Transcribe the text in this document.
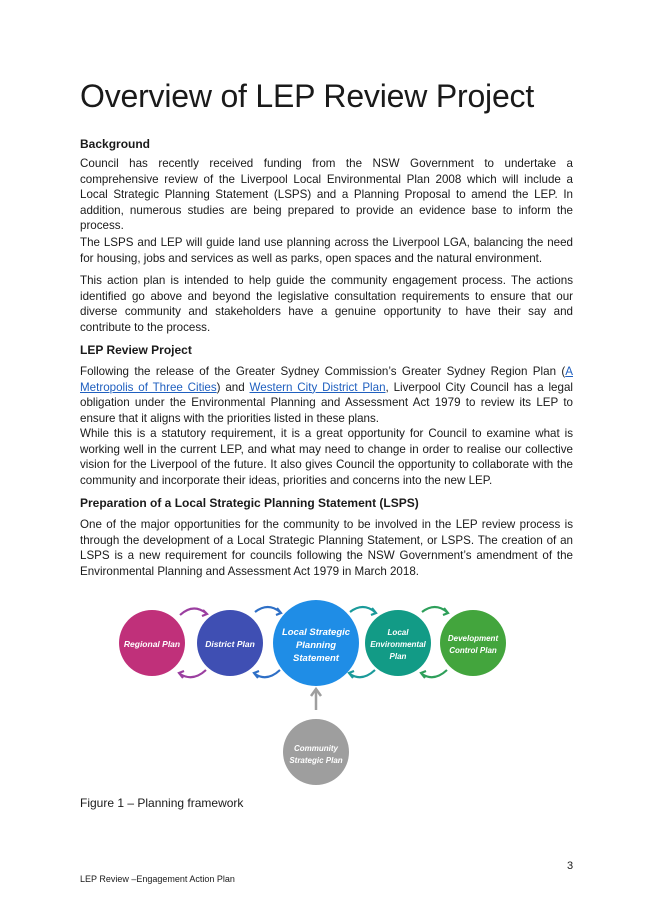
Overview of LEP Review Project

Background

Council has recently received funding from the NSW Government to undertake a comprehensive review of the Liverpool Local Environmental Plan 2008 which will include a Local Strategic Planning Statement (LSPS) and a Planning Proposal to amend the LEP. In addition, numerous studies are being prepared to provide an evidence base to inform the process.

The LSPS and LEP will guide land use planning across the Liverpool LGA, balancing the need for housing, jobs and services as well as parks, open spaces and the natural environment.

This action plan is intended to help guide the community engagement process. The actions identified go above and beyond the legislative consultation requirements to ensure that our diverse community and stakeholders have a genuine opportunity to have their say and contribute to the process.

LEP Review Project

Following the release of the Greater Sydney Commission’s Greater Sydney Region Plan (A Metropolis of Three Cities) and Western City District Plan, Liverpool City Council has a legal obligation under the Environmental Planning and Assessment Act 1979 to review its LEP to ensure that it aligns with the priorities listed in these plans.

While this is a statutory requirement, it is a great opportunity for Council to examine what is working well in the current LEP, and what may need to change in order to realise our collective vision for the Liverpool of the future. It also gives Council the opportunity to collaborate with the community and incorporate their ideas, priorities and concerns into the new LEP.

Preparation of a Local Strategic Planning Statement (LSPS)

One of the major opportunities for the community to be involved in the LEP review process is through the development of a Local Strategic Planning Statement, or LSPS. The creation of an LSPS is a new requirement for councils following the NSW Government’s amendment of the Environmental Planning and Assessment Act 1979 in March 2018.

Regional Plan	District Plan
Local Strategic
Planning
Statement
Local
Environmental
Plan
Development
Control Plan
Community
Strategic Plan
Figure 1 – Planning framework
3
LEP Review –Engagement Action Plan
